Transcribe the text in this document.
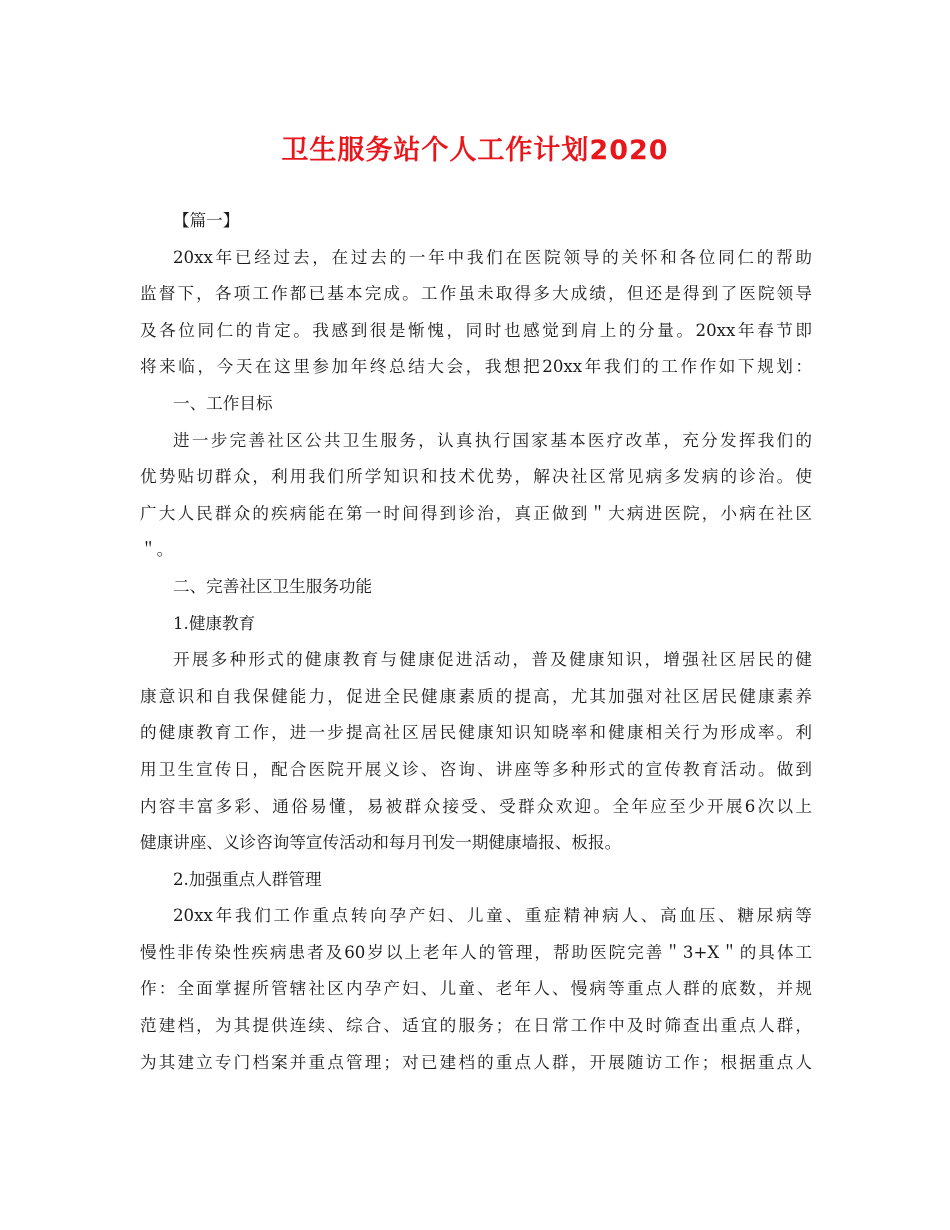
卫生服务站个人工作计划2020
【篇一】
20xx年已经过去，在过去的一年中我们在医院领导的关怀和各位同仁的帮助
监督下，各项工作都已基本完成。工作虽未取得多大成绩，但还是得到了医院领导
及各位同仁的肯定。我感到很是惭愧，同时也感觉到肩上的分量。20xx年春节即
将来临，今天在这里参加年终总结大会，我想把20xx年我们的工作作如下规划：
一、工作目标
进一步完善社区公共卫生服务，认真执行国家基本医疗改革，充分发挥我们的
优势贴切群众，利用我们所学知识和技术优势，解决社区常见病多发病的诊治。使
广大人民群众的疾病能在第一时间得到诊治，真正做到＂大病进医院，小病在社区
＂。
二、完善社区卫生服务功能
1.健康教育
开展多种形式的健康教育与健康促进活动，普及健康知识，增强社区居民的健
康意识和自我保健能力，促进全民健康素质的提高，尤其加强对社区居民健康素养
的健康教育工作，进一步提高社区居民健康知识知晓率和健康相关行为形成率。利
用卫生宣传日，配合医院开展义诊、咨询、讲座等多种形式的宣传教育活动。做到
内容丰富多彩、通俗易懂，易被群众接受、受群众欢迎。全年应至少开展6次以上
健康讲座、义诊咨询等宣传活动和每月刊发一期健康墙报、板报。
2.加强重点人群管理
20xx年我们工作重点转向孕产妇、儿童、重症精神病人、高血压、糖尿病等
慢性非传染性疾病患者及60岁以上老年人的管理，帮助医院完善＂3+X＂的具体工
作：全面掌握所管辖社区内孕产妇、儿童、老年人、慢病等重点人群的底数，并规
范建档，为其提供连续、综合、适宜的服务；在日常工作中及时筛查出重点人群，
为其建立专门档案并重点管理；对已建档的重点人群，开展随访工作；根据重点人
